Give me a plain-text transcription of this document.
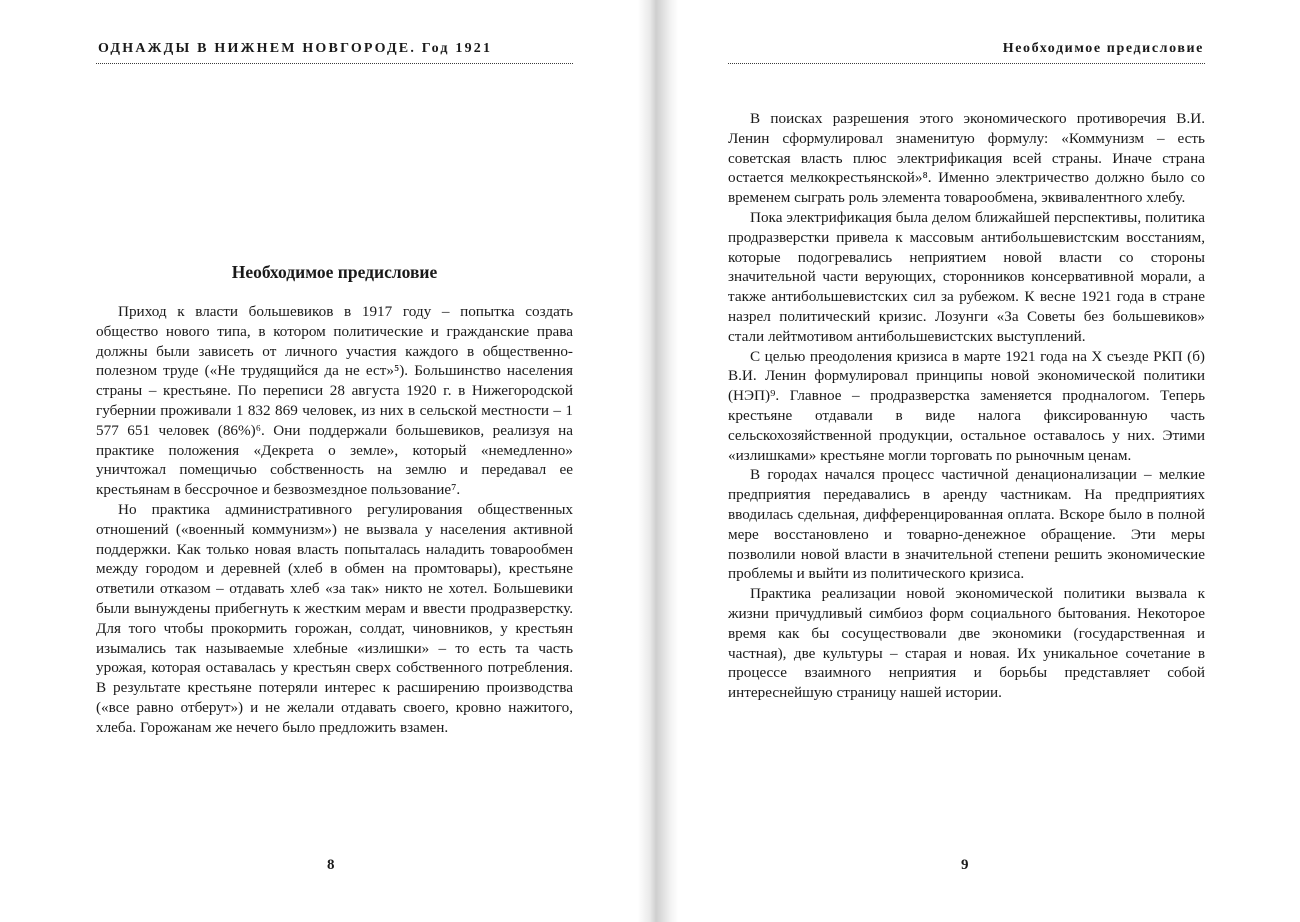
ОДНАЖДЫ В НИЖНЕМ НОВГОРОДЕ. Год 1921
Необходимое предисловие

Приход к власти большевиков в 1917 году – попытка создать общество нового типа, в котором политические и гражданские права должны были зависеть от личного участия каждого в общественно-полезном труде («Не трудящийся да не ест»⁵). Большинство населения страны – крестьяне. По переписи 28 августа 1920 г. в Нижегородской губернии проживали 1 832 869 человек, из них в сельской местности – 1 577 651 человек (86%)⁶. Они поддержали большевиков, реализуя на практике положения «Декрета о земле», который «немедленно» уничтожал помещичью собственность на землю и передавал ее крестьянам в бессрочное и безвозмездное пользование⁷.

Но практика административного регулирования общественных отношений («военный коммунизм») не вызвала у населения активной поддержки. Как только новая власть попыталась наладить товарообмен между городом и деревней (хлеб в обмен на промтовары), крестьяне ответили отказом – отдавать хлеб «за так» никто не хотел. Большевики были вынуждены прибегнуть к жестким мерам и ввести продразверстку. Для того чтобы прокормить горожан, солдат, чиновников, у крестьян изымались так называемые хлебные «излишки» – то есть та часть урожая, которая оставалась у крестьян сверх собственного потребления. В результате крестьяне потеряли интерес к расширению производства («все равно отберут») и не желали отдавать своего, кровно нажитого, хлеба. Горожанам же нечего было предложить взамен.

8
Необходимое предисловие

В поисках разрешения этого экономического противоречия В.И. Ленин сформулировал знаменитую формулу: «Коммунизм – есть советская власть плюс электрификация всей страны. Иначе страна остается мелкокрестьянской»⁸. Именно электричество должно было со временем сыграть роль элемента товарообмена, эквивалентного хлебу.

Пока электрификация была делом ближайшей перспективы, политика продразверстки привела к массовым антибольшевистским восстаниям, которые подогревались неприятием новой власти со стороны значительной части верующих, сторонников консервативной морали, а также антибольшевистских сил за рубежом. К весне 1921 года в стране назрел политический кризис. Лозунги «За Советы без большевиков» стали лейтмотивом антибольшевистских выступлений.

С целью преодоления кризиса в марте 1921 года на X съезде РКП (б) В.И. Ленин формулировал принципы новой экономической политики (НЭП)⁹. Главное – продразверстка заменяется продналогом. Теперь крестьяне отдавали в виде налога фиксированную часть сельскохозяйственной продукции, остальное оставалось у них. Этими «излишками» крестьяне могли торговать по рыночным ценам.

В городах начался процесс частичной денационализации – мелкие предприятия передавались в аренду частникам. На предприятиях вводилась сдельная, дифференцированная оплата. Вскоре было в полной мере восстановлено и товарно-денежное обращение. Эти меры позволили новой власти в значительной степени решить экономические проблемы и выйти из политического кризиса.

Практика реализации новой экономической политики вызвала к жизни причудливый симбиоз форм социального бытования. Некоторое время как бы сосуществовали две экономики (государственная и частная), две культуры – старая и новая. Их уникальное сочетание в процессе взаимного неприятия и борьбы представляет собой интереснейшую страницу нашей истории.

9
